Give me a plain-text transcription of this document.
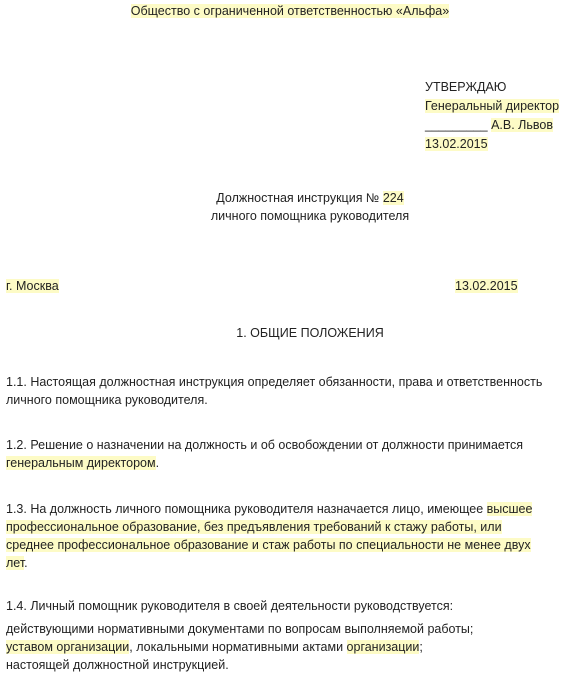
Общество с ограниченной ответственностью «Альфа»
УТВЕРЖДАЮ
Генеральный директор
_________ А.В. Львов
13.02.2015
Должностная инструкция № 224
личного помощника руководителя
г. Москва	13.02.2015
1. ОБЩИЕ ПОЛОЖЕНИЯ
1.1. Настоящая должностная инструкция определяет обязанности, права и ответственность
личного помощника руководителя.
1.2. Решение о назначении на должность и об освобождении от должности принимается
генеральным директором.
1.3. На должность личного помощника руководителя назначается лицо, имеющее высшее
профессиональное образование, без предъявления требований к стажу работы, или
среднее профессиональное образование и стаж работы по специальности не менее двух
лет.
1.4. Личный помощник руководителя в своей деятельности руководствуется:
действующими нормативными документами по вопросам выполняемой работы;
уставом организации, локальными нормативными актами организации;
настоящей должностной инструкцией.
